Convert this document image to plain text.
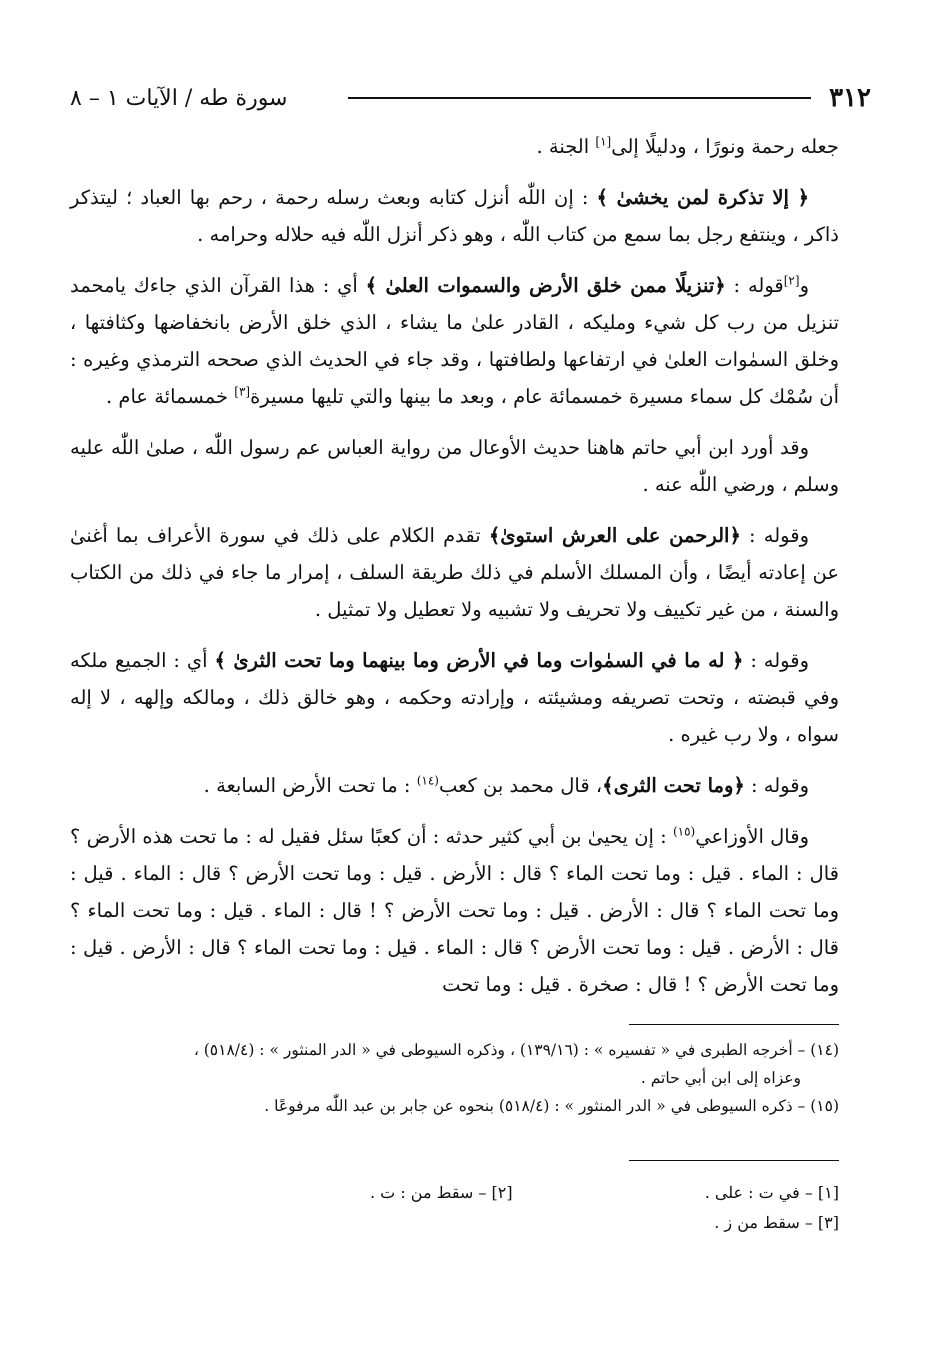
٣١٢
سورة طه / الآيات ١ – ٨

جعله رحمة ونورًا ، ودليلًا إلى[١] الجنة .

﴿ إلا تذكرة لمن يخشىٰ ﴾ : إن اللّٰه أنزل كتابه وبعث رسله رحمة ، رحم بها العباد ؛ ليتذكر ذاكر ، وينتفع رجل بما سمع من كتاب اللّٰه ، وهو ذكر أنزل اللّٰه فيه حلاله وحرامه .

و[٢]قوله : ﴿تنزيلًا ممن خلق الأرض والسموات العلىٰ ﴾ أي : هذا القرآن الذي جاءك يامحمد تنزيل من رب كل شيء ومليكه ، القادر علىٰ ما يشاء ، الذي خلق الأرض بانخفاضها وكثافتها ، وخلق السمٰوات العلىٰ في ارتفاعها ولطافتها ، وقد جاء في الحديث الذي صححه الترمذي وغيره : أن سُمْك كل سماء مسيرة خمسمائة عام ، وبعد ما بينها والتي تليها مسيرة[٣] خمسمائة عام .

وقد أورد ابن أبي حاتم هاهنا حديث الأوعال من رواية العباس عم رسول اللّٰه ، صلىٰ اللّٰه عليه وسلم ، ورضي اللّٰه عنه .

وقوله : ﴿الرحمن على العرش استوىٰ﴾ تقدم الكلام على ذلك في سورة الأعراف بما أغنىٰ عن إعادته أيضًا ، وأن المسلك الأسلم في ذلك طريقة السلف ، إمرار ما جاء في ذلك من الكتاب والسنة ، من غير تكييف ولا تحريف ولا تشبيه ولا تعطيل ولا تمثيل .

وقوله : ﴿ له ما في السمٰوات وما في الأرض وما بينهما وما تحت الثرىٰ ﴾ أي : الجميع ملكه وفي قبضته ، وتحت تصريفه ومشيئته ، وإرادته وحكمه ، وهو خالق ذلك ، ومالكه وإلهه ، لا إله سواه ، ولا رب غيره .

وقوله : ﴿وما تحت الثرى﴾، قال محمد بن كعب$^{(١٤)}$ : ما تحت الأرض السابعة .

وقال الأوزاعي$^{(١٥)}$ : إن يحيىٰ بن أبي كثير حدثه : أن كعبًا سئل فقيل له : ما تحت هذه الأرض ؟ قال : الماء . قيل : وما تحت الماء ؟ قال : الأرض . قيل : وما تحت الأرض ؟ قال : الماء . قيل : وما تحت الماء ؟ قال : الأرض . قيل : وما تحت الأرض ؟ ! قال : الماء . قيل : وما تحت الماء ؟ قال : الأرض . قيل : وما تحت الأرض ؟ قال : الماء . قيل : وما تحت الماء ؟ قال : الأرض . قيل : وما تحت الأرض ؟ ! قال : صخرة . قيل : وما تحت

(١٤) – أخرجه الطبرى في « تفسيره » : (١٣٩/١٦) ، وذكره السيوطى في « الدر المنثور » : (٥١٨/٤) ،

وعزاه إلى ابن أبي حاتم .

(١٥) – ذكره السيوطى في « الدر المنثور » : (٥١٨/٤) بنحوه عن جابر بن عبد اللّٰه مرفوعًا .

[١] – في ت : على .
[٢] – سقط من : ت .
[٣] – سقط من ز .
